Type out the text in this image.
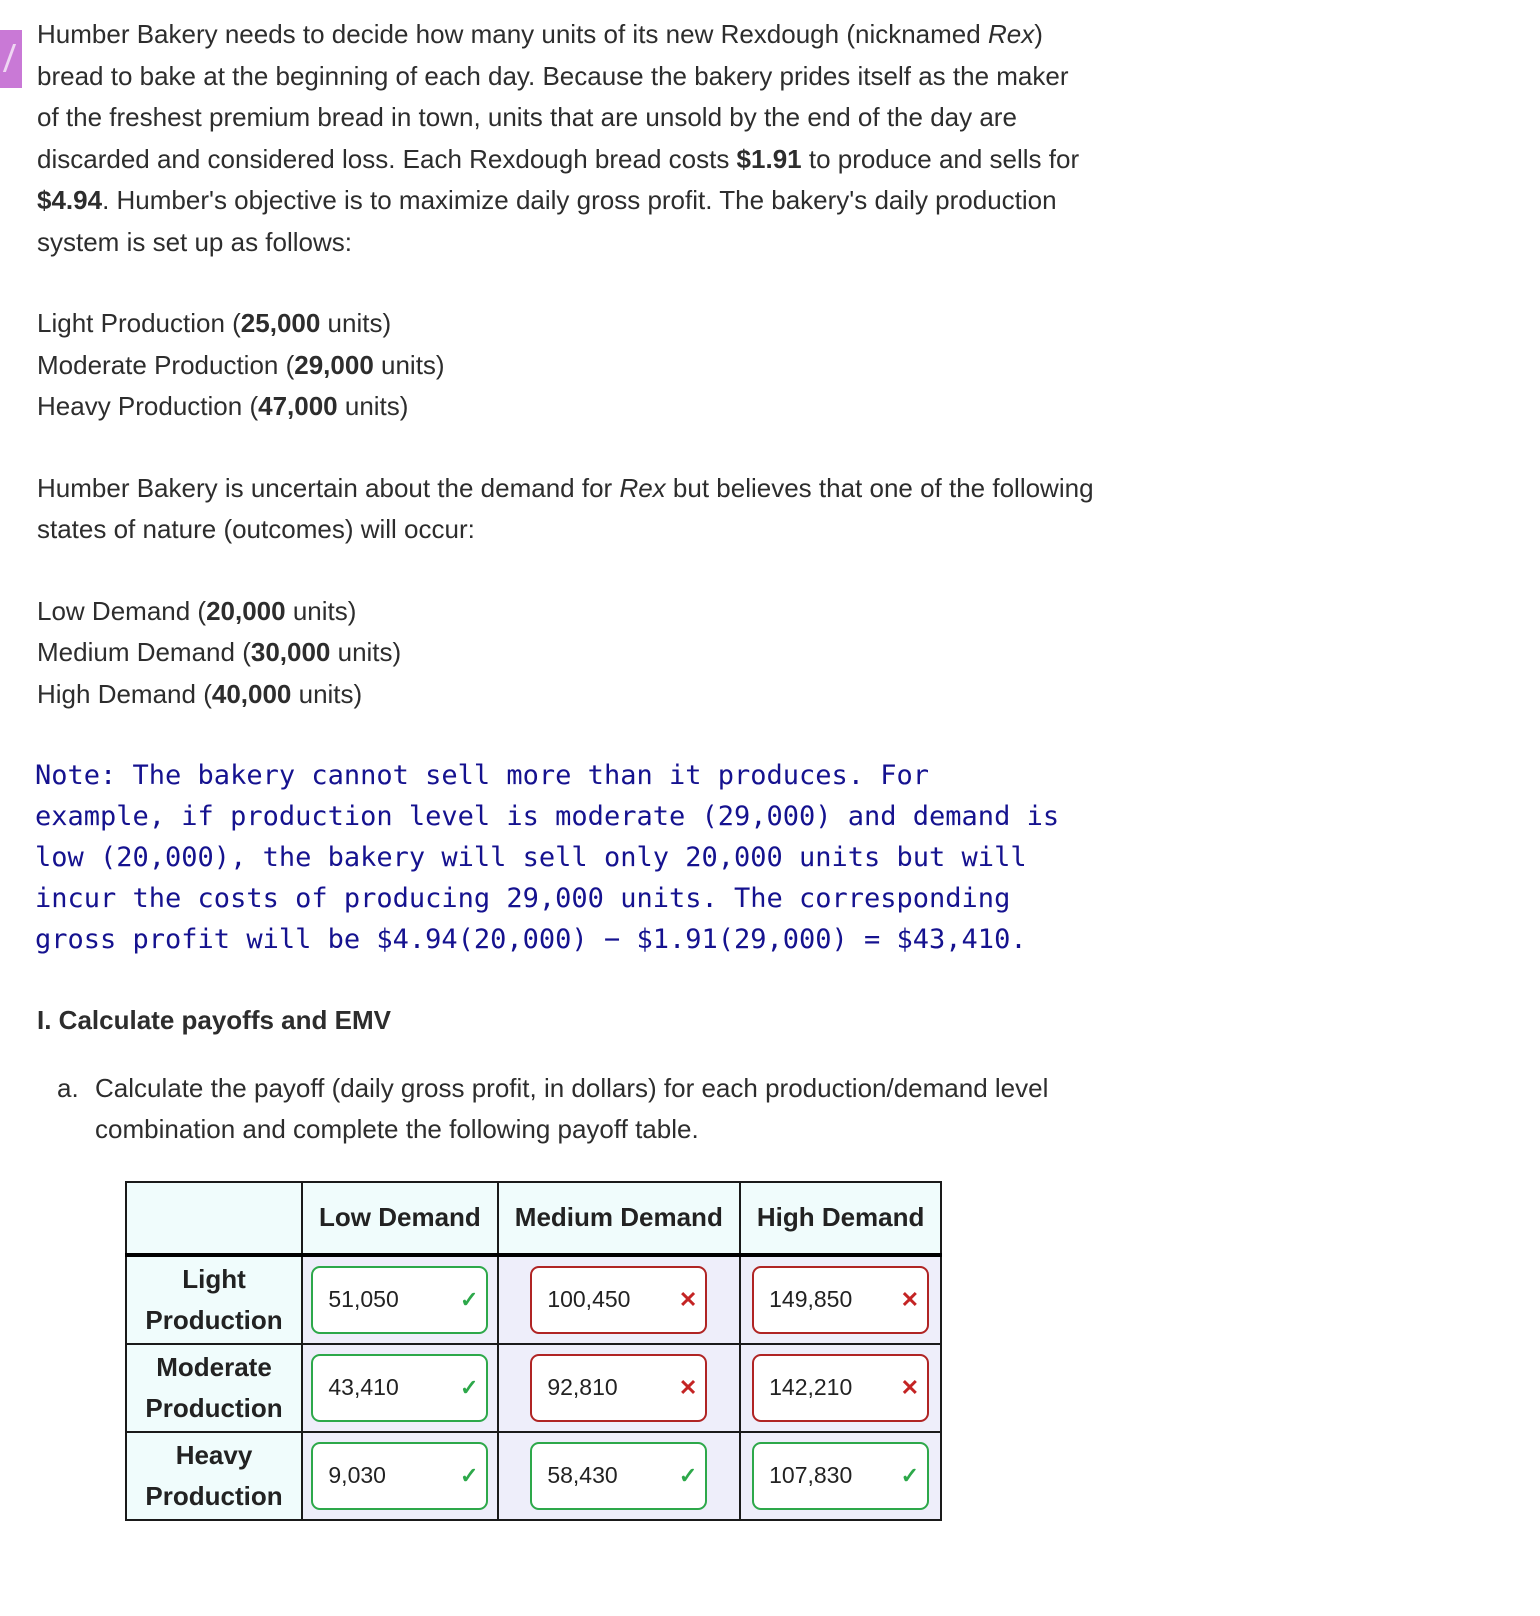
Humber Bakery needs to decide how many units of its new Rexdough (nicknamed Rex) bread to bake at the beginning of each day. Because the bakery prides itself as the maker of the freshest premium bread in town, units that are unsold by the end of the day are discarded and considered loss. Each Rexdough bread costs $1.91 to produce and sells for $4.94. Humber's objective is to maximize daily gross profit. The bakery's daily production system is set up as follows:

Light Production (25,000 units)
Moderate Production (29,000 units)
Heavy Production (47,000 units)

Humber Bakery is uncertain about the demand for Rex but believes that one of the following states of nature (outcomes) will occur:

Low Demand (20,000 units)
Medium Demand (30,000 units)
High Demand (40,000 units)

Note: The bakery cannot sell more than it produces. For example, if production level is moderate (29,000) and demand is low (20,000), the bakery will sell only 20,000 units but will incur the costs of producing 29,000 units. The corresponding gross profit will be $4.94(20,000) − $1.91(29,000) = $43,410.

I. Calculate payoffs and EMV

a. Calculate the payoff (daily gross profit, in dollars) for each production/demand level combination and complete the following payoff table.
	Low Demand	Medium Demand	High Demand
Light Production	51,050 ✓	100,450 ✕	149,850 ✕

Moderate Production	43,410 ✓	92,810 ✕	142,210 ✕

Heavy Production	9,030 ✓	58,430 ✓	107,830 ✓
